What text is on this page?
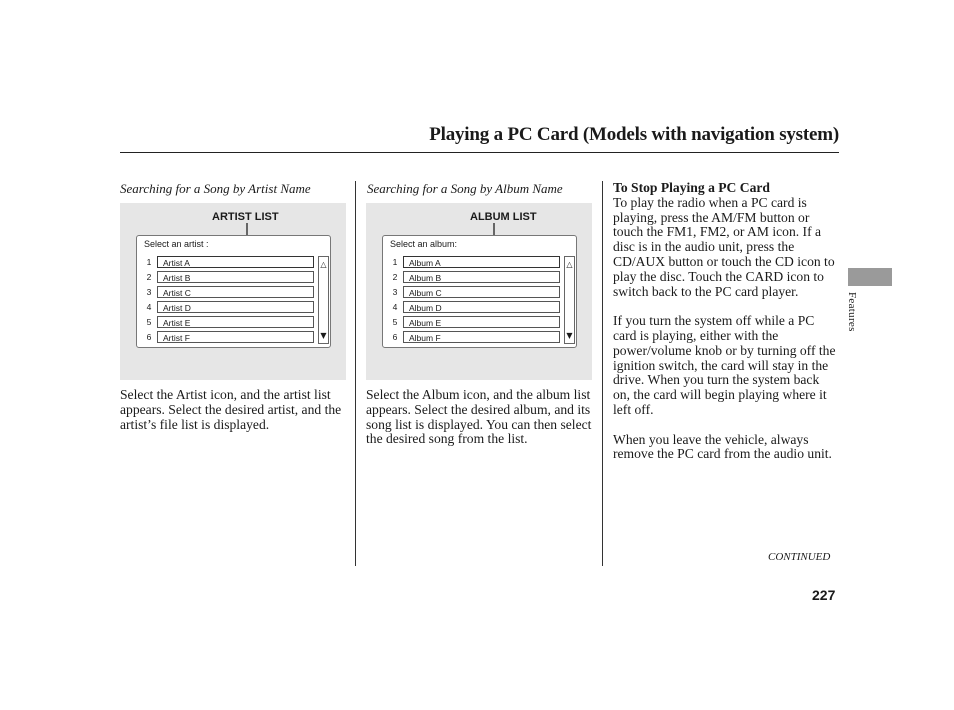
Playing a PC Card (Models with navigation system)
Searching for a Song by Artist Name
ARTIST LIST
Select an artist :
1	Artist A
2	Artist B
3	Artist C
4	Artist D
5	Artist E
6	Artist F
△
▼
Select the Artist icon, and the artist list appears. Select the desired artist, and the artist’s file list is displayed.
Searching for a Song by Album Name
ALBUM LIST
Select an album:
1	Album A
2	Album B
3	Album C
4	Album D
5	Album E
6	Album F
△
▼
Select the Album icon, and the album list appears. Select the desired album, and its song list is displayed. You can then select the desired song from the list.
To Stop Playing a PC Card

To play the radio when a PC card is playing, press the AM/FM button or touch the FM1, FM2, or AM icon. If a disc is in the audio unit, press the CD/AUX button or touch the CD icon to play the disc. Touch the CARD icon to switch back to the PC card player.

If you turn the system off while a PC card is playing, either with the power/volume knob or by turning off the ignition switch, the card will stay in the drive. When you turn the system back on, the card will begin playing where it left off.

When you leave the vehicle, always remove the PC card from the audio unit.

Features
CONTINUED
227
